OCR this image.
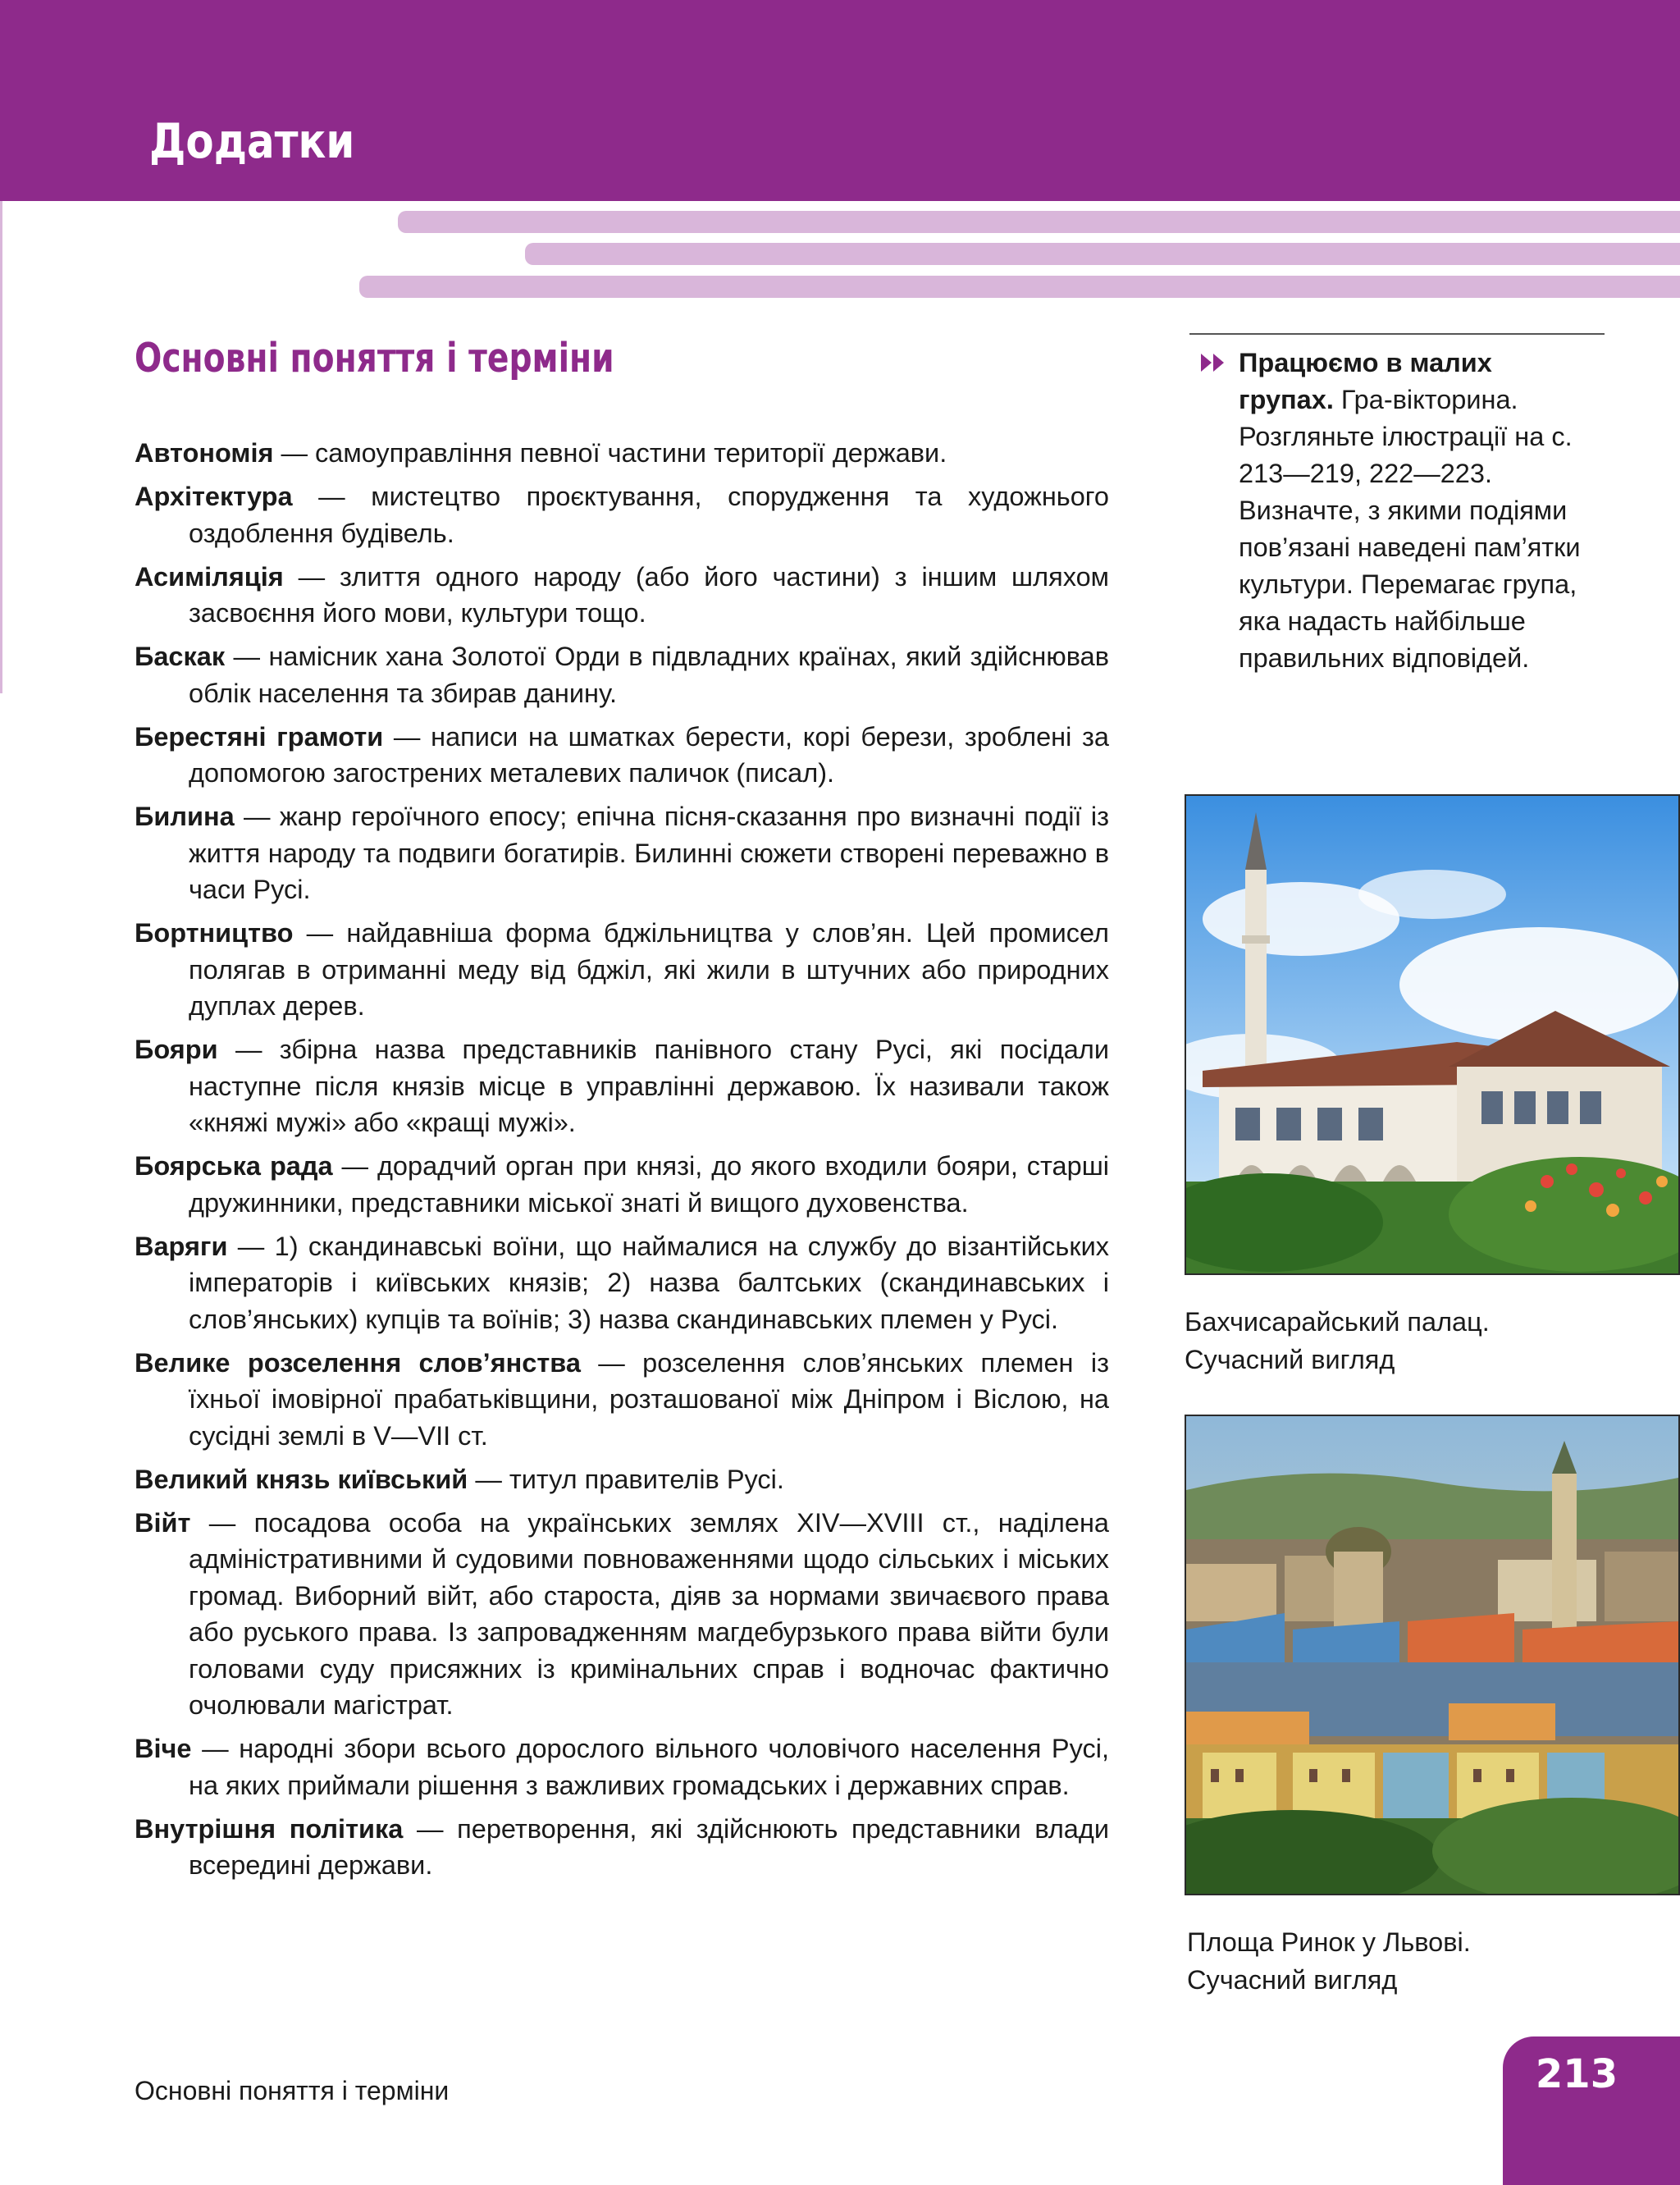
Додатки
Основні поняття і терміни

Автономія — самоуправління певної частини території держави.

Архітектура — мистецтво проєктування, спорудження та художнього оздоблення будівель.

Асиміляція — злиття одного народу (або його частини) з іншим шляхом засвоєння його мови, культури тощо.

Баскак — намісник хана Золотої Орди в підвладних країнах, який здійснював облік населення та збирав данину.

Берестяні грамоти — написи на шматках берести, корі берези, зроблені за допомогою загострених металевих паличок (писал).

Билина — жанр героїчного епосу; епічна пісня-сказання про визначні події із життя народу та подвиги богатирів. Билинні сюжети створені переважно в часи Русі.

Бортництво — найдавніша форма бджільництва у слов’ян. Цей промисел полягав в отриманні меду від бджіл, які жили в штучних або природних дуплах дерев.

Бояри — збірна назва представників панівного стану Русі, які посідали наступне після князів місце в управлінні державою. Їх називали також «княжі мужі» або «кращі мужі».

Боярська рада — дорадчий орган при князі, до якого входили бояри, старші дружинники, представники міської знаті й вищого духовенства.

Варяги — 1) скандинавські воїни, що наймалися на службу до візантійських імператорів і київських князів; 2) назва балтських (скандинавських і слов’янських) купців та воїнів; 3) назва скандинавських племен у Русі.

Велике розселення слов’янства — розселення слов’янських племен із їхньої імовірної прабатьківщини, розташованої між Дніпром і Віслою, на сусідні землі в V—VII ст.

Великий князь київський — титул правителів Русі.

Війт — посадова особа на українських землях XIV—XVIII ст., наділена адміністративними й судовими повноваженнями щодо сільських і міських громад. Виборний війт, або староста, діяв за нормами звичаєвого права або руського права. Із запровадженням магдебурзького права війти були головами суду присяжних із кримінальних справ і водночас фактично очолювали магістрат.

Віче — народні збори всього дорослого вільного чоловічого населення Русі, на яких приймали рішення з важливих громадських і державних справ.

Внутрішня політика — перетворення, які здійснюють представники влади всередині держави.

Працюємо в малих групах. Гра-вікторина. Розгляньте ілюстрації на с. 213—219, 222—223. Визначте, з якими подіями пов’язані наведені пам’ятки культури. Перемагає група, яка надасть найбільше правильних відповідей.
Бахчисарайський палац.
Сучасний вигляд
Площа Ринок у Львові.
Сучасний вигляд
Основні поняття і терміни	213
